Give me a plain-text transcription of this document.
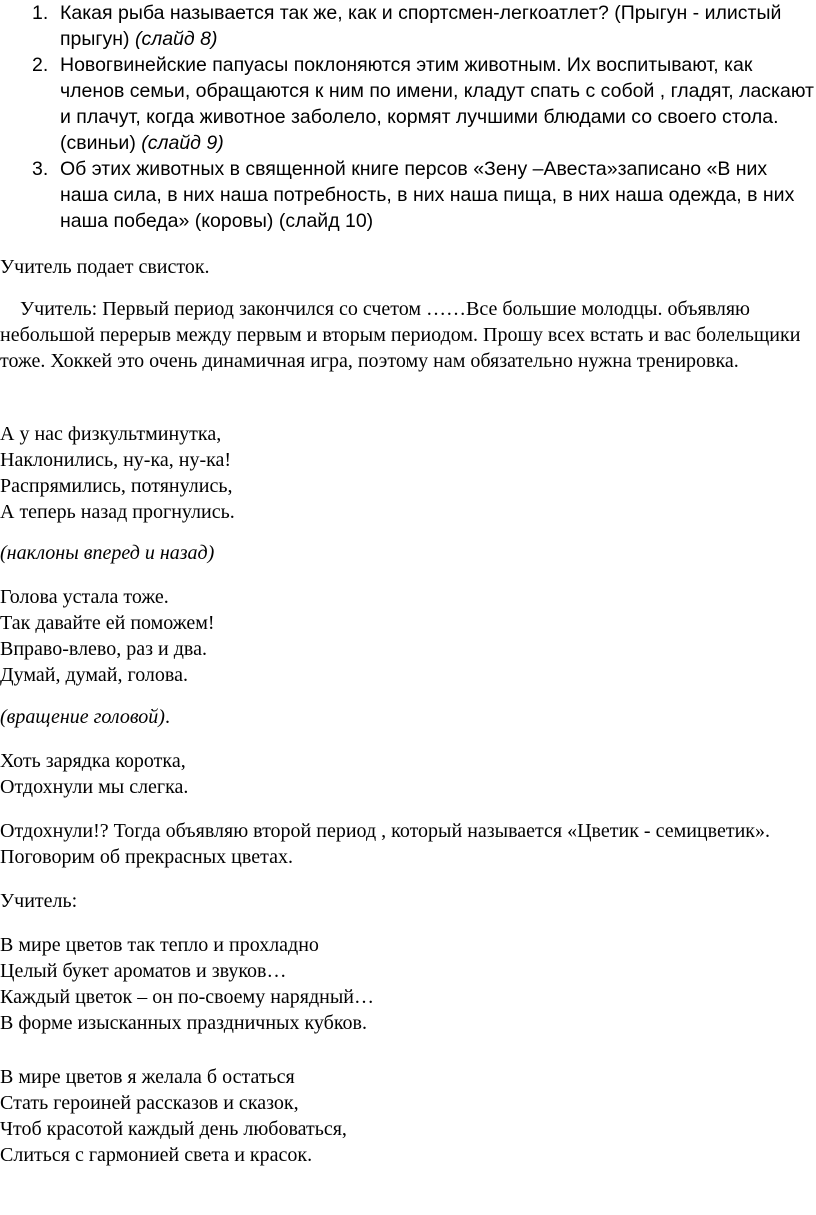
1. Какая рыба называется так же, как и спортсмен-легкоатлет? (Прыгун - илистый прыгун) (слайд 8)
2. Новогвинейские папуасы поклоняются этим животным. Их воспитывают, как членов семьи, обращаются к ним по имени, кладут спать с собой , гладят, ласкают и плачут, когда животное заболело, кормят лучшими блюдами со своего стола. (свиньи) (слайд 9)
3. Об этих животных в священной книге персов «Зену –Авеста»записано «В них наша сила, в них наша потребность, в них наша пища, в них наша одежда, в них наша победа» (коровы) (слайд 10)

Учитель подает свисток.

Учитель: Первый период закончился со счетом ……Все большие молодцы. объявляю небольшой перерыв между первым и вторым периодом. Прошу всех встать и вас болельщики тоже. Хоккей это очень динамичная игра, поэтому нам обязательно нужна тренировка.

А у нас физкультминутка,
Наклонились, ну-ка, ну-ка!
Распрямились, потянулись,
А теперь назад прогнулись.

(наклоны вперед и назад)

Голова устала тоже.
Так давайте ей поможем!
Вправо-влево, раз и два.
Думай, думай, голова.

(вращение головой).

Хоть зарядка коротка,
Отдохнули мы слегка.

Отдохнули!? Тогда объявляю второй период , который называется «Цветик - семицветик». Поговорим об прекрасных цветах.

Учитель:

В мире цветов так тепло и прохладно
Целый букет ароматов и звуков…
Каждый цветок – он по-своему нарядный…
В форме изысканных праздничных кубков.
В мире цветов я желала б остаться
Стать героиней рассказов и сказок,
Чтоб красотой каждый день любоваться,
Слиться с гармонией света и красок.
